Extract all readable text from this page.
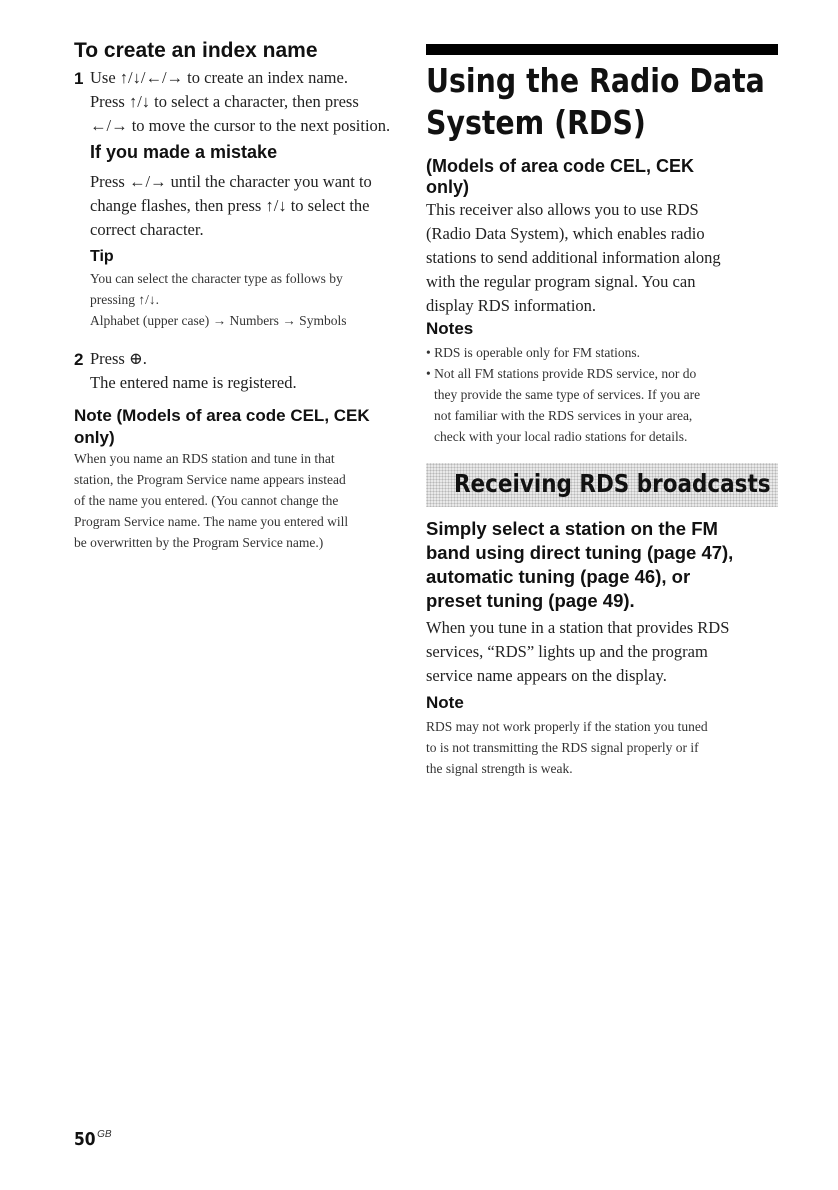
To create an index name
1 Use ↑/↓/←/→ to create an index name.
Press ↑/↓ to select a character, then press
←/→ to move the cursor to the next position.
If you made a mistake
Press ←/→ until the character you want to
change flashes, then press ↑/↓ to select the
correct character.
Tip
You can select the character type as follows by
pressing ↑/↓.
Alphabet (upper case) → Numbers → Symbols
2 Press ⊕.
The entered name is registered.
Note (Models of area code CEL, CEK
only)
When you name an RDS station and tune in that
station, the Program Service name appears instead
of the name you entered. (You cannot change the
Program Service name. The name you entered will
be overwritten by the Program Service name.)
Using the Radio Data
System (RDS)
(Models of area code CEL, CEK
only)
This receiver also allows you to use RDS
(Radio Data System), which enables radio
stations to send additional information along
with the regular program signal. You can
display RDS information.
Notes
• RDS is operable only for FM stations.
• Not all FM stations provide RDS service, nor do
they provide the same type of services. If you are
not familiar with the RDS services in your area,
check with your local radio stations for details.
Receiving RDS broadcasts
Simply select a station on the FM
band using direct tuning (page 47),
automatic tuning (page 46), or
preset tuning (page 49).
When you tune in a station that provides RDS
services, “RDS” lights up and the program
service name appears on the display.
Note
RDS may not work properly if the station you tuned
to is not transmitting the RDS signal properly or if
the signal strength is weak.
50 $^{GB}$
